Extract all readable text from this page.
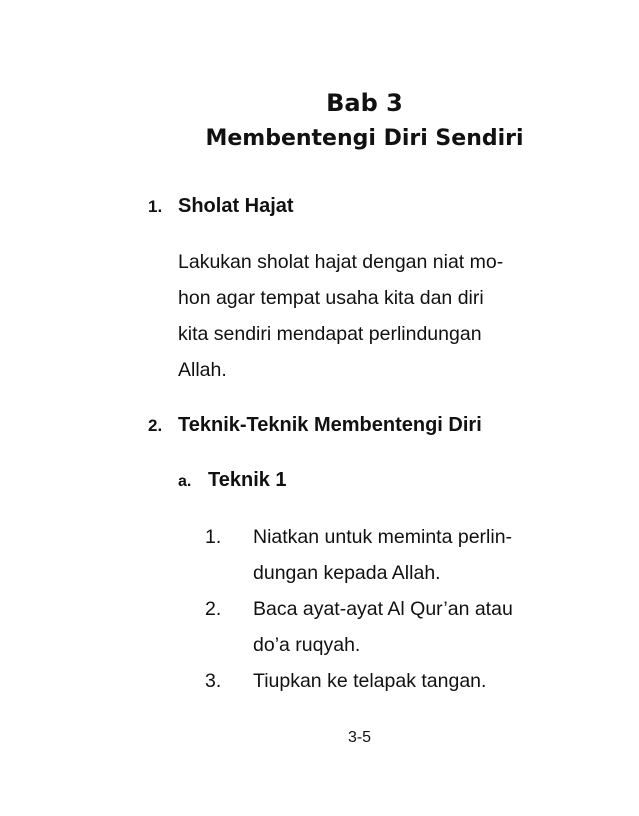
Bab 3
Membentengi Diri Sendiri
1. Sholat Hajat
Lakukan sholat hajat dengan niat mo-
hon agar tempat usaha kita dan diri
kita sendiri mendapat perlindungan
Allah.
2. Teknik-Teknik Membentengi Diri
a. Teknik 1
1. Niatkan untuk meminta perlin-
dungan kepada Allah.
2. Baca ayat-ayat Al Qur’an atau
do’a ruqyah.
3. Tiupkan ke telapak tangan.
3-5
